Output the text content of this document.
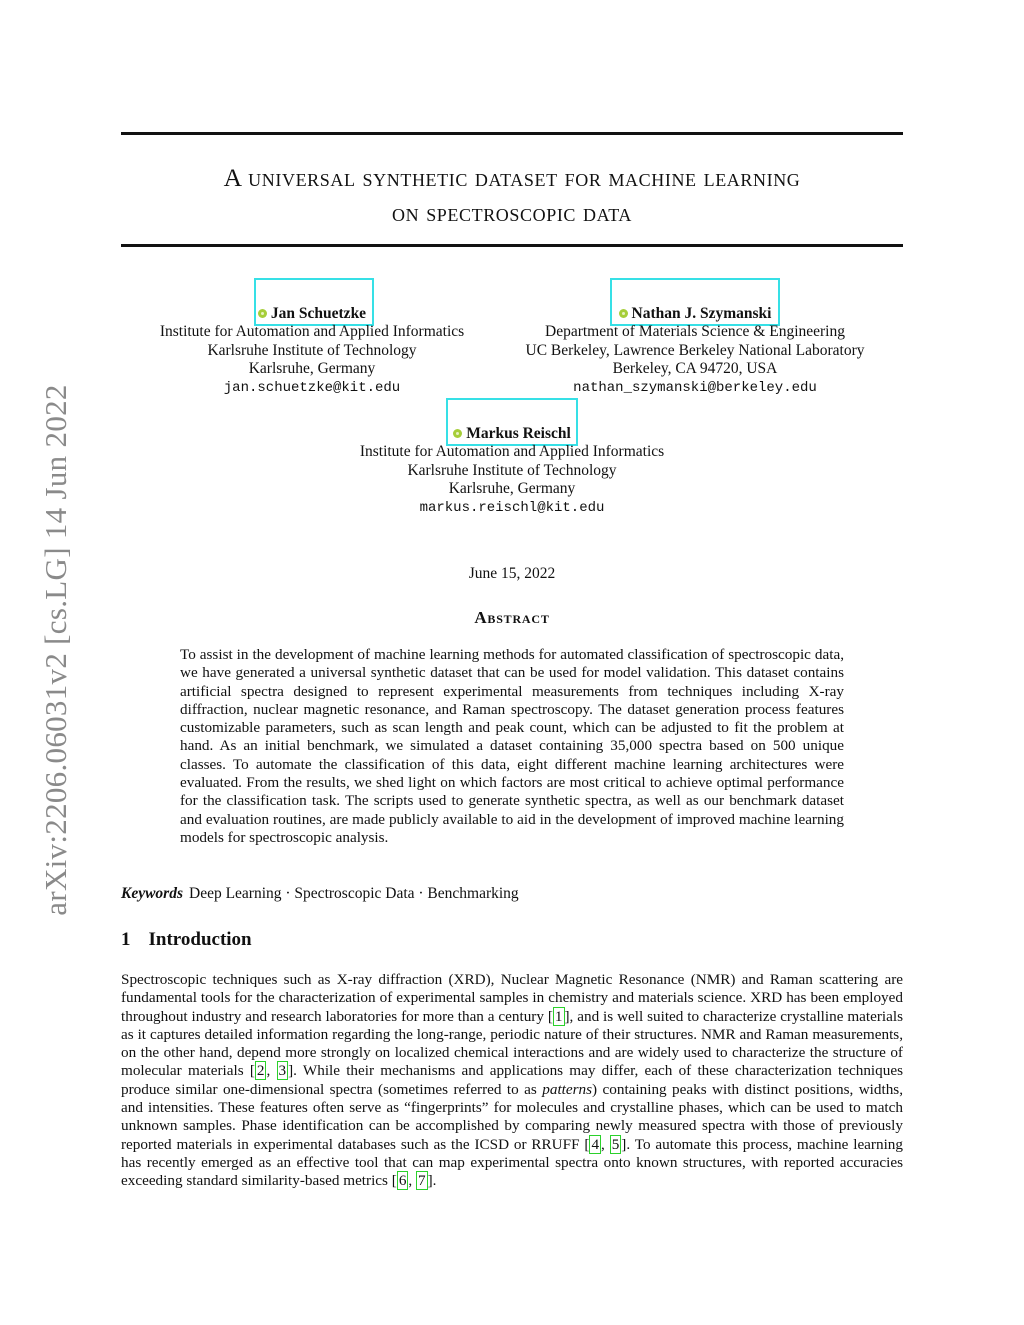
arXiv:2206.06031v2 [cs.LG] 14 Jun 2022
A universal synthetic dataset for machine learning
on spectroscopic data
Jan Schuetzke
Institute for Automation and Applied Informatics
Karlsruhe Institute of Technology
Karlsruhe, Germany
jan.schuetzke@kit.edu
Nathan J. Szymanski
Department of Materials Science & Engineering
UC Berkeley, Lawrence Berkeley National Laboratory
Berkeley, CA 94720, USA
nathan_szymanski@berkeley.edu
Markus Reischl
Institute for Automation and Applied Informatics
Karlsruhe Institute of Technology
Karlsruhe, Germany
markus.reischl@kit.edu
June 15, 2022
Abstract
To assist in the development of machine learning methods for automated classification of spectroscopic data, we have generated a universal synthetic dataset that can be used for model validation. This dataset contains artificial spectra designed to represent experimental measurements from techniques including X-ray diffraction, nuclear magnetic resonance, and Raman spectroscopy. The dataset generation process features customizable parameters, such as scan length and peak count, which can be adjusted to fit the problem at hand. As an initial benchmark, we simulated a dataset containing 35,000 spectra based on 500 unique classes. To automate the classification of this data, eight different machine learning architectures were evaluated. From the results, we shed light on which factors are most critical to achieve optimal performance for the classification task. The scripts used to generate synthetic spectra, as well as our benchmark dataset and evaluation routines, are made publicly available to aid in the development of improved machine learning models for spectroscopic analysis.
Keywords Deep Learning · Spectroscopic Data · Benchmarking
1 Introduction
Spectroscopic techniques such as X-ray diffraction (XRD), Nuclear Magnetic Resonance (NMR) and Raman scattering are fundamental tools for the characterization of experimental samples in chemistry and materials science. XRD has been employed throughout industry and research laboratories for more than a century [ 1 ], and is well suited to characterize crystalline materials as it captures detailed information regarding the long-range, periodic nature of their structures. NMR and Raman measurements, on the other hand, depend more strongly on localized chemical interactions and are widely used to characterize the structure of molecular materials [ 2 , 3 ]. While their mechanisms and applications may differ, each of these characterization techniques produce similar one-dimensional spectra (sometimes referred to as patterns) containing peaks with distinct positions, widths, and intensities. These features often serve as “fingerprints” for molecules and crystalline phases, which can be used to match unknown samples. Phase identification can be accomplished by comparing newly measured spectra with those of previously reported materials in experimental databases such as the ICSD or RRUFF [ 4 , 5 ]. To automate this process, machine learning has recently emerged as an effective tool that can map experimental spectra onto known structures, with reported accuracies exceeding standard similarity-based metrics [ 6 , 7 ].
